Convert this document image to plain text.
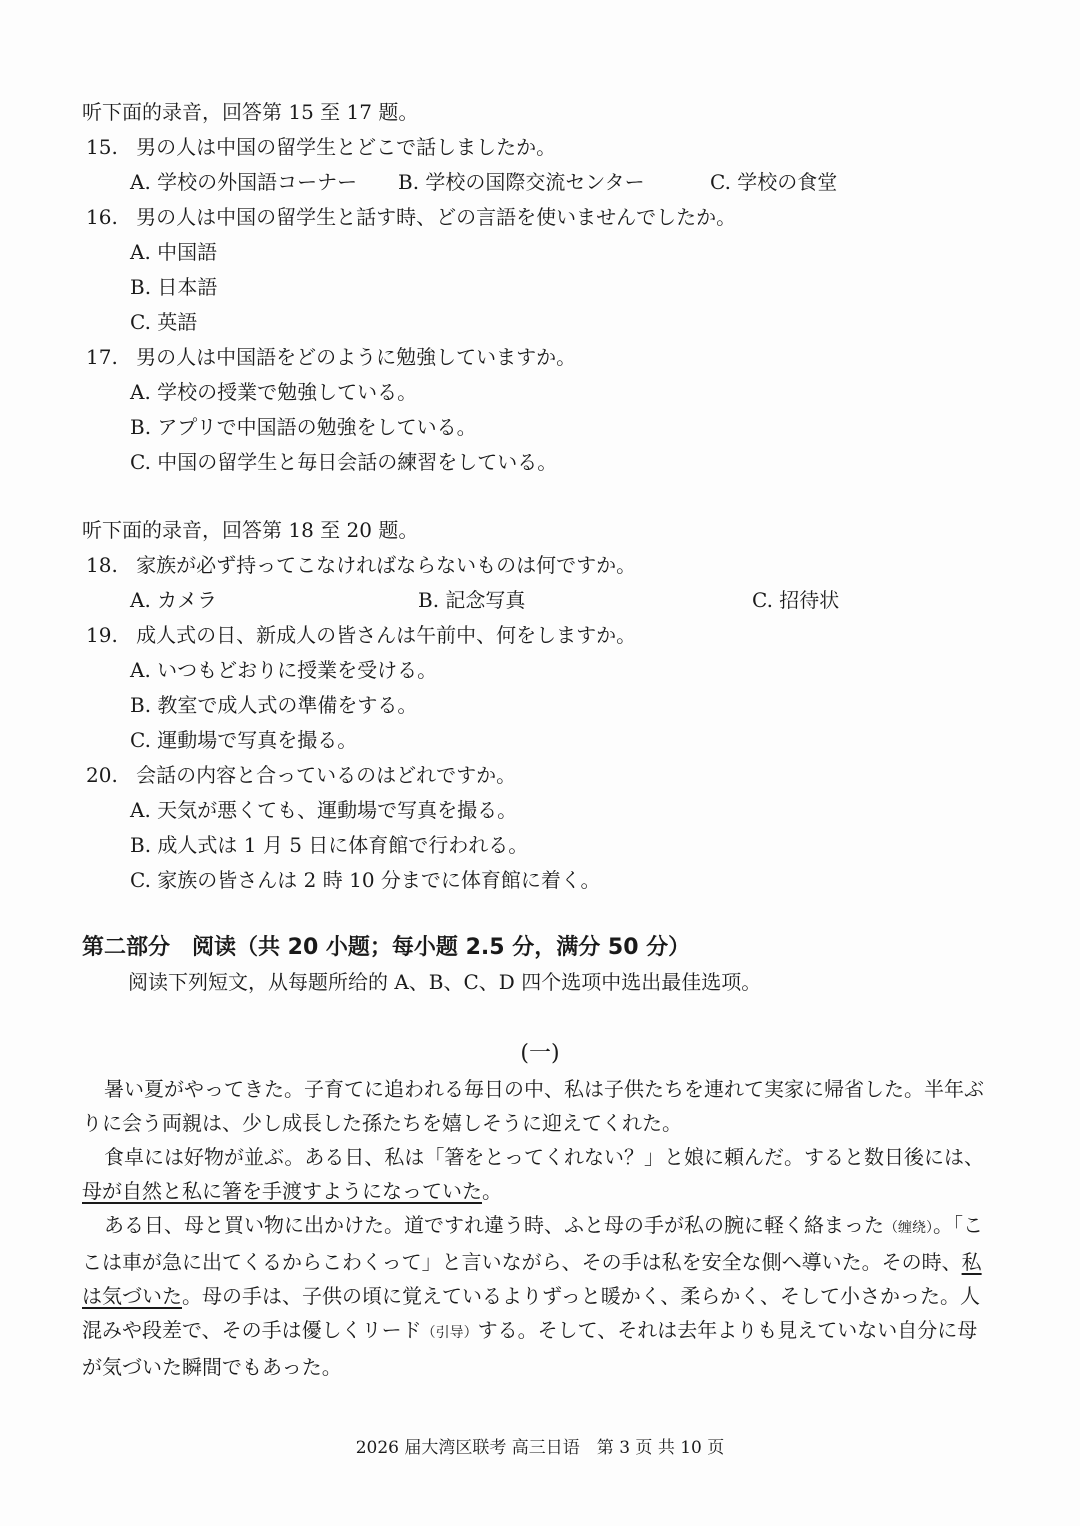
听下面的录音，回答第 15 至 17 题。
15. 男の人は中国の留学生とどこで話しましたか。
A. 学校の外国語コーナー B. 学校の国際交流センター	C. 学校の食堂
16. 男の人は中国の留学生と話す時、どの言語を使いませんでしたか。
A. 中国語
B. 日本語
C. 英語
17. 男の人は中国語をどのように勉強していますか。
A. 学校の授業で勉強している。
B. アプリで中国語の勉強をしている。
C. 中国の留学生と毎日会話の練習をしている。
听下面的录音，回答第 18 至 20 题。
18. 家族が必ず持ってこなければならないものは何ですか。
A. カメラ	B. 記念写真	C. 招待状
19. 成人式の日、新成人の皆さんは午前中、何をしますか。
A. いつもどおりに授業を受ける。
B. 教室で成人式の準備をする。
C. 運動場で写真を撮る。
20. 会話の内容と合っているのはどれですか。
A. 天気が悪くても、運動場で写真を撮る。
B. 成人式は 1 月 5 日に体育館で行われる。
C. 家族の皆さんは 2 時 10 分までに体育館に着く。
第二部分　阅读（共 20 小题；每小题 2.5 分，满分 50 分）
阅读下列短文，从每题所给的 A、B、C、D 四个选项中选出最佳选项。
(一)

暑い夏がやってきた。子育てに追われる毎日の中、私は子供たちを連れて実家に帰省した。半年ぶりに会う両親は、少し成長した孫たちを嬉しそうに迎えてくれた。

食卓には好物が並ぶ。ある日、私は「箸をとってくれない？」と娘に頼んだ。すると数日後には、母が自然と私に箸を手渡すようになっていた。

ある日、母と買い物に出かけた。道ですれ違う時、ふと母の手が私の腕に軽く絡まった（缠绕）。「ここは車が急に出てくるからこわくって」と言いながら、その手は私を安全な側へ導いた。その時、私は気づいた。母の手は、子供の頃に覚えているよりずっと暖かく、柔らかく、そして小さかった。人混みや段差で、その手は優しくリード（引导）する。そして、それは去年よりも見えていない自分に母が気づいた瞬間でもあった。

2026 届大湾区联考 高三日语　第 3 页 共 10 页
